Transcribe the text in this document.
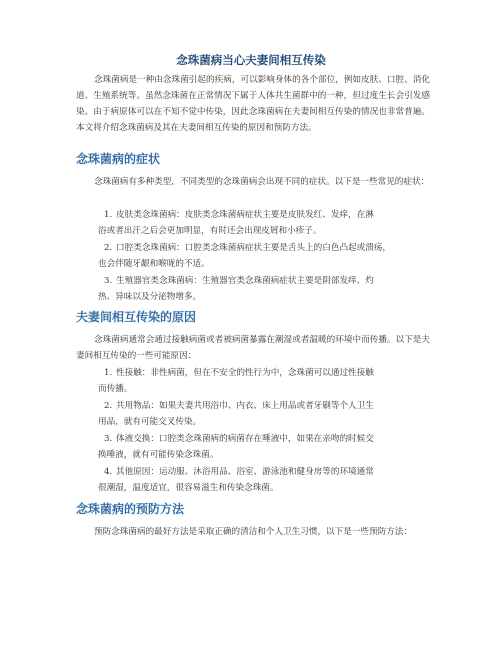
念珠菌病当心夫妻间相互传染

念珠菌病是一种由念珠菌引起的疾病，可以影响身体的各个部位，例如皮肤、口腔、消化道、生殖系统等。虽然念珠菌在正常情况下属于人体共生菌群中的一种，但过度生长会引发感染。由于病原体可以在不知不觉中传染，因此念珠菌病在夫妻间相互传染的情况也非常普遍。本文将介绍念珠菌病及其在夫妻间相互传染的原因和预防方法。

念珠菌病的症状

念珠菌病有多种类型，不同类型的念珠菌病会出现不同的症状。以下是一些常见的症状：

1. 皮肤类念珠菌病：皮肤类念珠菌病症状主要是皮肤发红、发痒，在淋
浴或者出汗之后会更加明显，有时还会出现皮屑和小疹子。
2. 口腔类念珠菌病：口腔类念珠菌病症状主要是舌头上的白色凸起或溃疡，
也会伴随牙龈和喉咙的不适。
3. 生殖器官类念珠菌病：生殖器官类念珠菌病症状主要是阴部发痒、灼
热、异味以及分泌物增多。
夫妻间相互传染的原因

念珠菌病通常会通过接触病菌或者被病菌暴露在潮湿或者温暖的环境中而传播。以下是夫妻间相互传染的一些可能原因：

1. 性接触：非性病菌，但在不安全的性行为中，念珠菌可以通过性接触
而传播。
2. 共用物品：如果夫妻共用浴巾、内衣、床上用品或者牙刷等个人卫生
用品，就有可能交叉传染。
3. 体液交换：口腔类念珠菌病的病菌存在唾液中，如果在亲吻的时候交
换唾液，就有可能传染念珠菌。
4. 其他原因：运动服、沐浴用品、浴室、游泳池和健身房等的环境通常
很潮湿，温度适宜，很容易滋生和传染念珠菌。
念珠菌病的预防方法

预防念珠菌病的最好方法是采取正确的清洁和个人卫生习惯，以下是一些预防方法：
